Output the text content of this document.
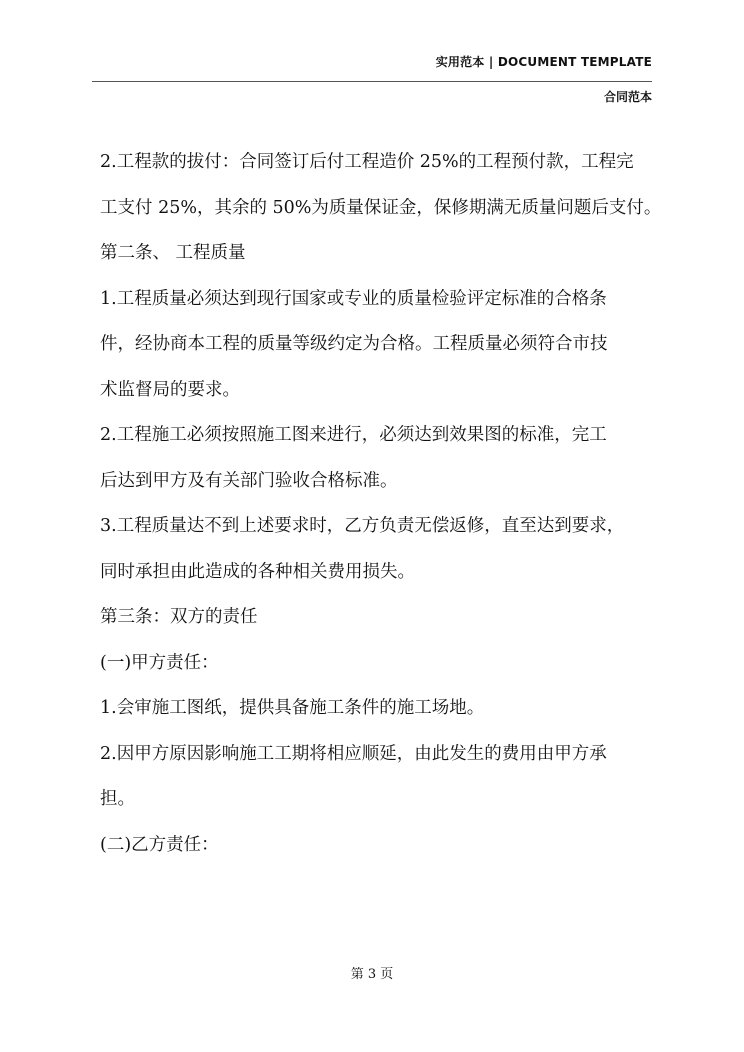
实用范本 | DOCUMENT TEMPLATE
合同范本

2.工程款的拔付：合同签订后付工程造价 25%的工程预付款，工程完

工支付 25%，其余的 50%为质量保证金，保修期满无质量问题后支付。

第二条、 工程质量

1.工程质量必须达到现行国家或专业的质量检验评定标准的合格条

件，经协商本工程的质量等级约定为合格。工程质量必须符合市技

术监督局的要求。

2.工程施工必须按照施工图来进行，必须达到效果图的标准，完工

后达到甲方及有关部门验收合格标准。

3.工程质量达不到上述要求时，乙方负责无偿返修，直至达到要求，

同时承担由此造成的各种相关费用损失。

第三条：双方的责任

(一)甲方责任：

1.会审施工图纸，提供具备施工条件的施工场地。

2.因甲方原因影响施工工期将相应顺延，由此发生的费用由甲方承

担。

(二)乙方责任：

第 3 页
